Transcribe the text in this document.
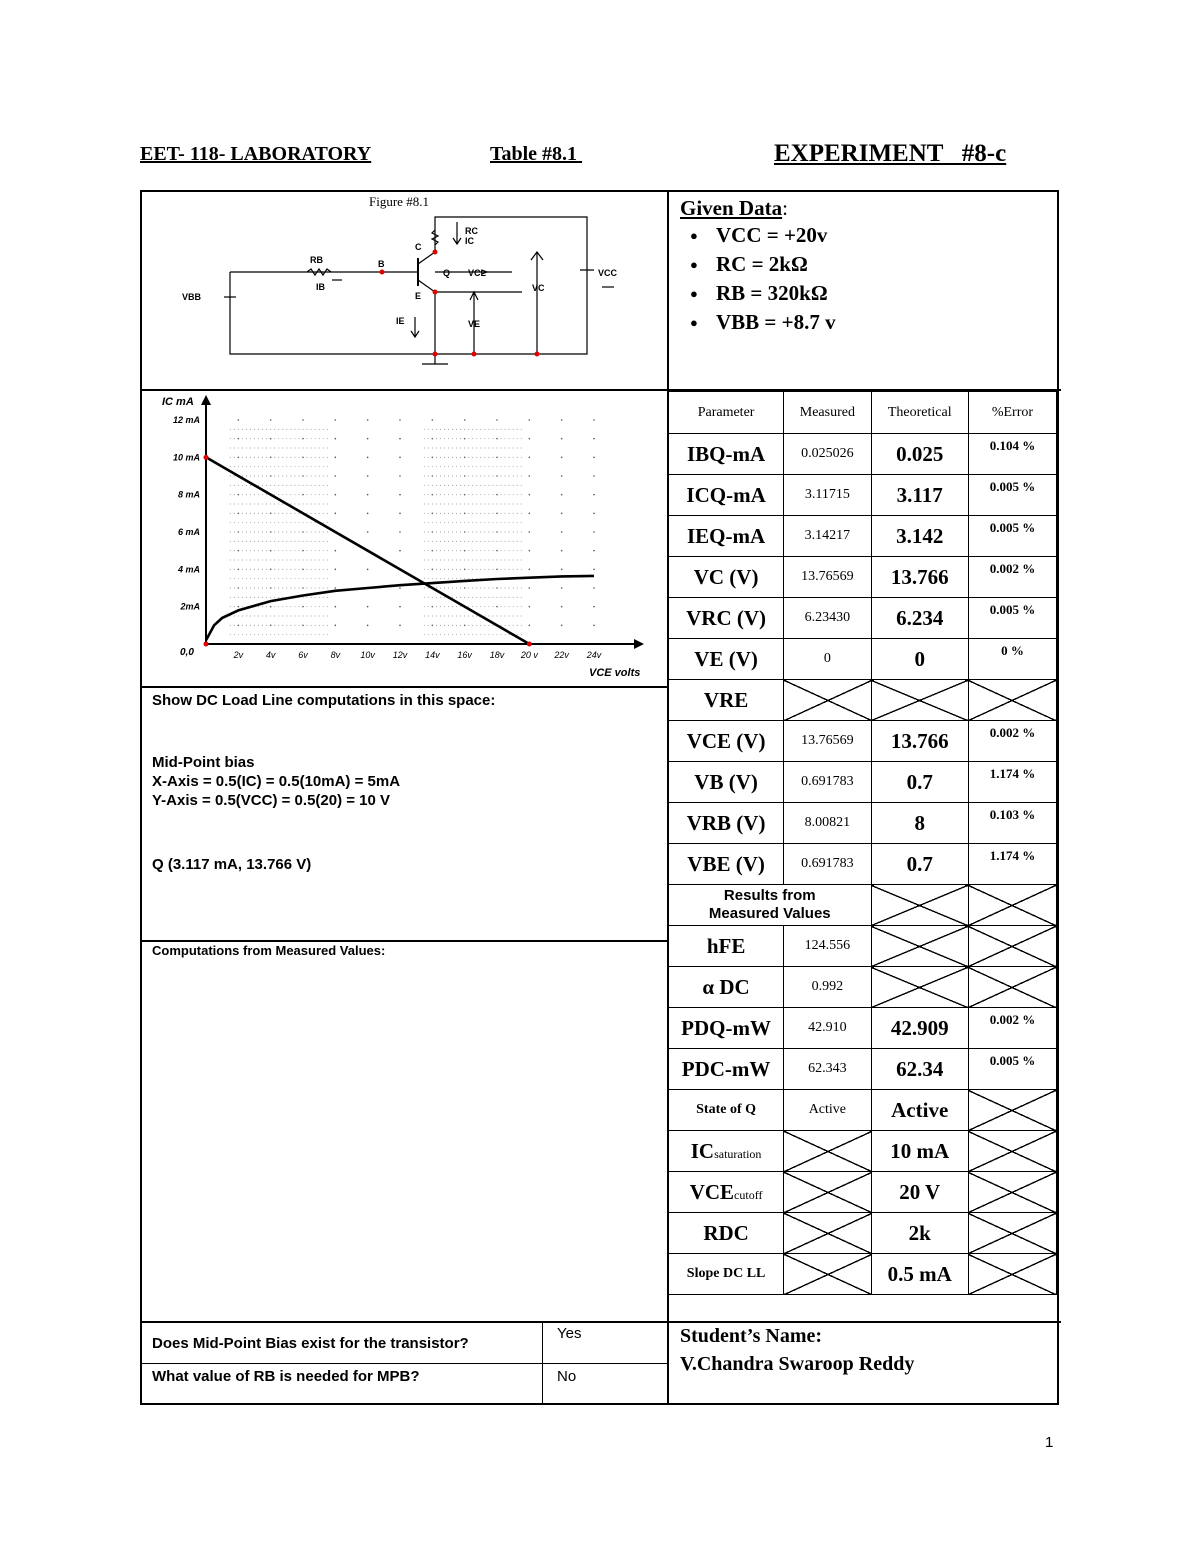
EET- 118- LABORATORY	Table #8.1	EXPERIMENT   #8-c
Figure #8.1
RC
IC
RB
IB
B
C
E
Q VCL
VC
VCC
VBB
IE	VE
Given Data:
● VCC = +20v
● RC = 2kΩ
● RB = 320kΩ
● VBB = +8.7 v
2v	4v	6v	8v 10v 12v 14v 16v 18v 20 v 22v 24v
2mA
4 mA
6 mA
8 mA
10 mA
12 mA
IC mA
VCE volts
0,0
Show DC Load Line computations in this space:
Mid-Point bias
X-Axis = 0.5(IC) = 0.5(10mA) = 5mA
Y-Axis = 0.5(VCC) = 0.5(20) = 10 V
Q (3.117 mA, 13.766 V)
Computations from Measured Values:
Does Mid-Point Bias exist for the transistor?
Yes
What value of RB is needed for MPB?	No
Student’s Name:
V.Chandra Swaroop Reddy
Parameter	Measured	Theoretical	%Error
IBQ-mA	0.025026	0.025	0.104 %
ICQ-mA	3.11715	3.117	0.005 %
IEQ-mA	3.14217	3.142	0.005 %
VC (V)	13.76569	13.766	0.002 %
VRC (V)	6.23430	6.234	0.005 %
VE (V)	0	0	0 %
VRE			
VCE (V)	13.76569	13.766	0.002 %
VB (V)	0.691783	0.7	1.174 %
VRB (V)	8.00821	8	0.103 %
VBE (V)	0.691783	0.7	1.174 %
Results from Measured Values			
hFE	124.556		
α DC	0.992		
PDQ-mW	42.910	42.909	0.002 %
PDC-mW	62.343	62.34	0.005 %
State of Q	Active	Active	
ICsaturation		10 mA	
VCEcutoff		20 V	
RDC		2k	
Slope DC LL		0.5 mA	
1
